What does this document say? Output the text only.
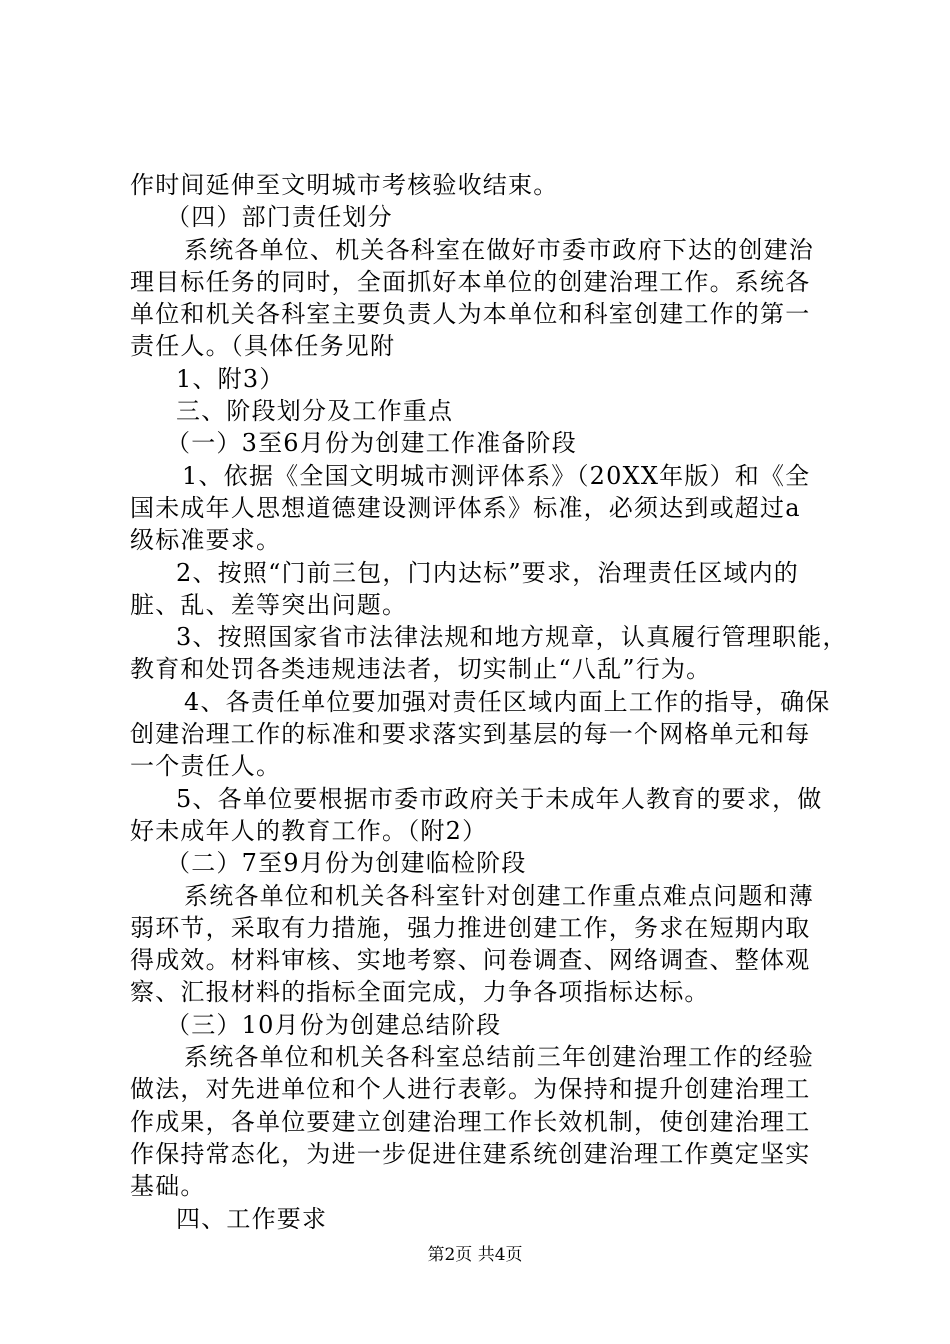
作时间延伸至文明城市考核验收结束。
（四）部门责任划分
系统各单位、机关各科室在做好市委市政府下达的创建治
理目标任务的同时，全面抓好本单位的创建治理工作。系统各
单位和机关各科室主要负责人为本单位和科室创建工作的第一
责任人。（具体任务见附
1、附3）
三、阶段划分及工作重点
（一）3至6月份为创建工作准备阶段
1、依据《全国文明城市测评体系》（20XX年版）和《全
国未成年人思想道德建设测评体系》标准，必须达到或超过a
级标准要求。
2、按照“门前三包，门内达标”要求，治理责任区域内的
脏、乱、差等突出问题。
3、按照国家省市法律法规和地方规章，认真履行管理职能，
教育和处罚各类违规违法者，切实制止“八乱”行为。
4、各责任单位要加强对责任区域内面上工作的指导，确保
创建治理工作的标准和要求落实到基层的每一个网格单元和每
一个责任人。
5、各单位要根据市委市政府关于未成年人教育的要求，做
好未成年人的教育工作。（附2）
（二）7至9月份为创建临检阶段
系统各单位和机关各科室针对创建工作重点难点问题和薄
弱环节，采取有力措施，强力推进创建工作，务求在短期内取
得成效。材料审核、实地考察、问卷调查、网络调查、整体观
察、汇报材料的指标全面完成，力争各项指标达标。
（三）10月份为创建总结阶段
系统各单位和机关各科室总结前三年创建治理工作的经验
做法，对先进单位和个人进行表彰。为保持和提升创建治理工
作成果，各单位要建立创建治理工作长效机制，使创建治理工
作保持常态化，为进一步促进住建系统创建治理工作奠定坚实
基础。
四、工作要求
第2页 共4页
